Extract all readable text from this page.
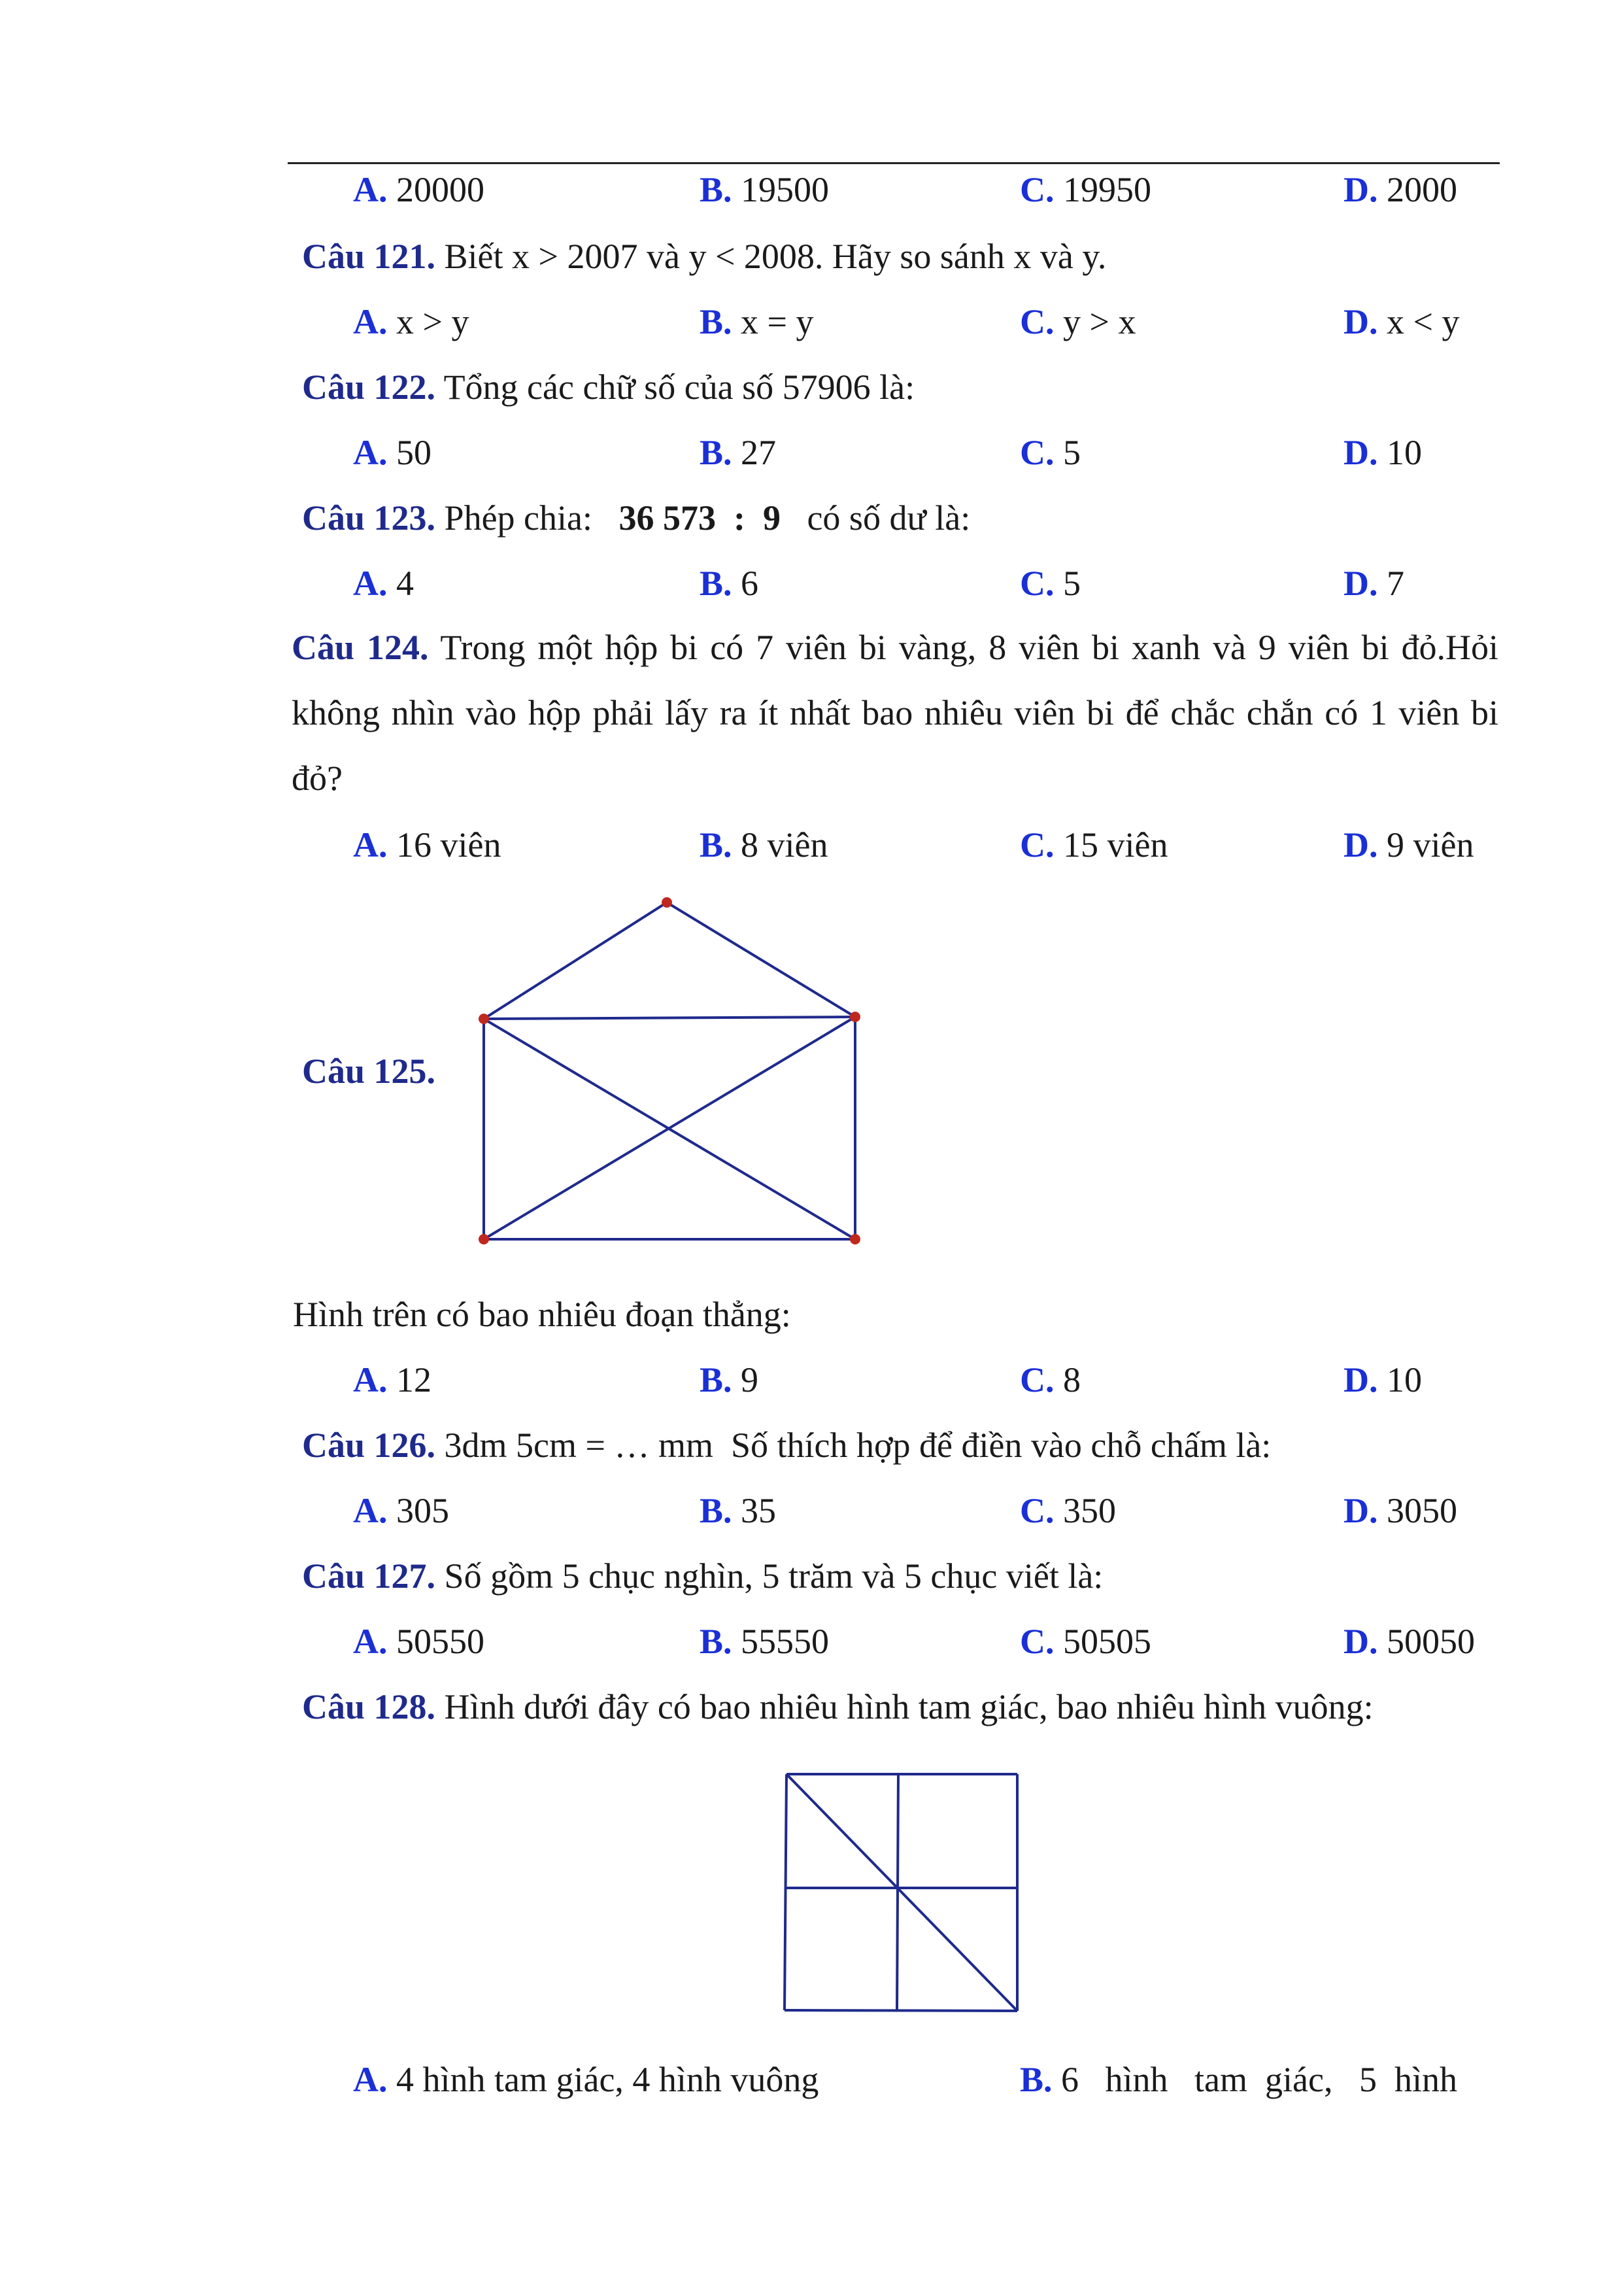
A. 20000	B. 19500	C. 19950	D. 2000
Câu 121. Biết x > 2007 và y < 2008. Hãy so sánh x và y.
A. x > y	B. x = y	C. y > x	D. x < y
Câu 122. Tổng các chữ số của số 57906 là:
A. 50	B. 27	C. 5	D. 10
Câu 123. Phép chia: 36 573  :  9 có số dư là:
A. 4	B. 6	C. 5	D. 7
Câu 124. Trong một hộp bi có 7 viên bi vàng, 8 viên bi xanh và 9 viên bi đỏ.Hỏi không nhìn vào hộp phải lấy ra ít nhất bao nhiêu viên bi để chắc chắn có 1 viên bi đỏ?
A. 16 viên	B. 8 viên	C. 15 viên	D. 9 viên
Câu 125.
Hình trên có bao nhiêu đoạn thẳng:
A. 12	B. 9	C. 8	D. 10
Câu 126. 3dm 5cm = … mm  Số thích hợp để điền vào chỗ chấm là:
A. 305	B. 35	C. 350	D. 3050
Câu 127. Số gồm 5 chục nghìn, 5 trăm và 5 chục viết là:
A. 50550	B. 55550	C. 50505	D. 50050
Câu 128. Hình dưới đây có bao nhiêu hình tam giác, bao nhiêu hình vuông:
A. 4 hình tam giác, 4 hình vuông	B. 6   hình   tam  giác,   5  hình
